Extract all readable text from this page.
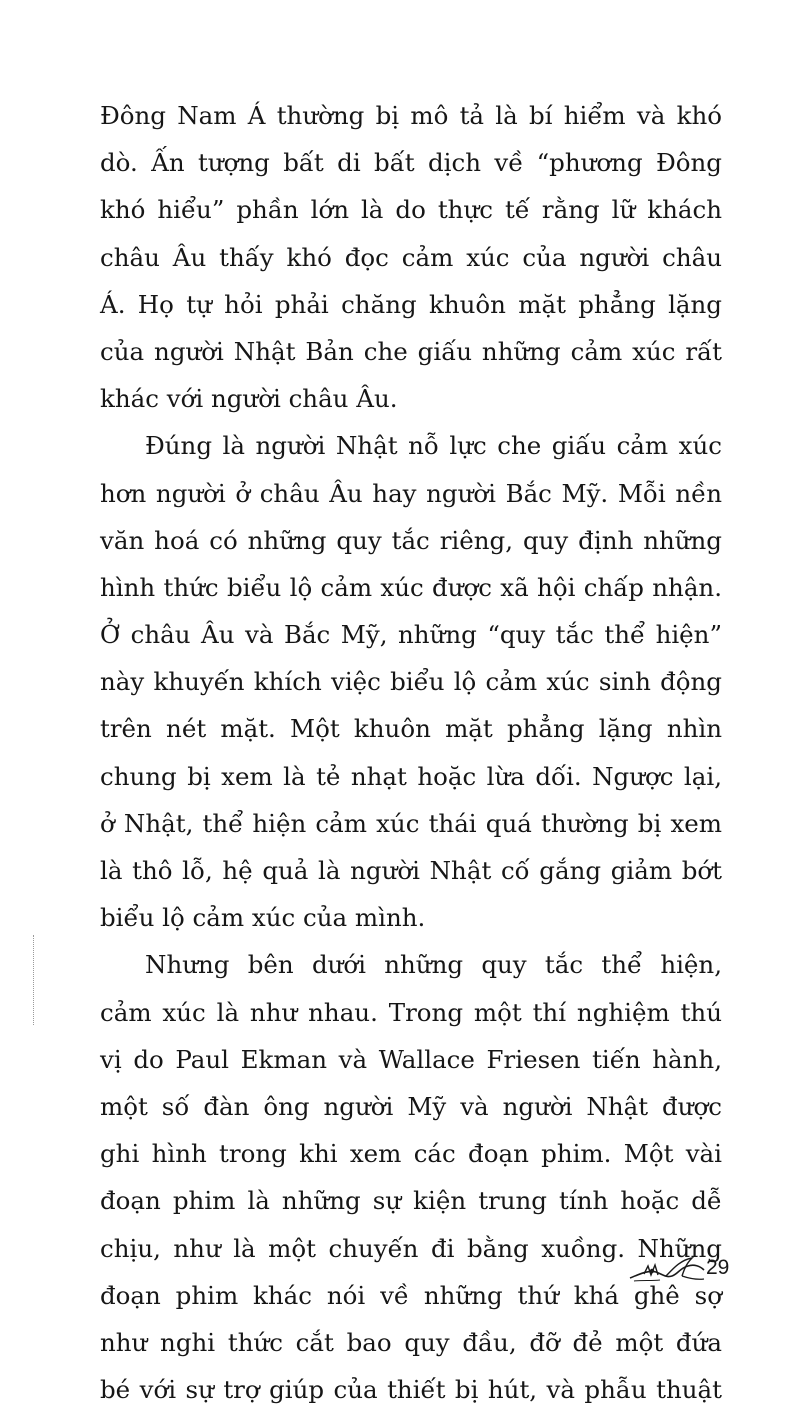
Đông Nam Á thường bị mô tả là bí hiểm và khó
dò. Ấn tượng bất di bất dịch về “phương Đông
khó hiểu” phần lớn là do thực tế rằng lữ khách
châu Âu thấy khó đọc cảm xúc của người châu
Á. Họ tự hỏi phải chăng khuôn mặt phẳng lặng
của người Nhật Bản che giấu những cảm xúc rất
khác với người châu Âu.
Đúng là người Nhật nỗ lực che giấu cảm xúc
hơn người ở châu Âu hay người Bắc Mỹ. Mỗi nền
văn hoá có những quy tắc riêng, quy định những
hình thức biểu lộ cảm xúc được xã hội chấp nhận.
Ở châu Âu và Bắc Mỹ, những “quy tắc thể hiện”
này khuyến khích việc biểu lộ cảm xúc sinh động
trên nét mặt. Một khuôn mặt phẳng lặng nhìn
chung bị xem là tẻ nhạt hoặc lừa dối. Ngược lại,
ở Nhật, thể hiện cảm xúc thái quá thường bị xem
là thô lỗ, hệ quả là người Nhật cố gắng giảm bớt
biểu lộ cảm xúc của mình.
Nhưng bên dưới những quy tắc thể hiện,
cảm xúc là như nhau. Trong một thí nghiệm thú
vị do Paul Ekman và Wallace Friesen tiến hành,
một số đàn ông người Mỹ và người Nhật được
ghi hình trong khi xem các đoạn phim. Một vài
đoạn phim là những sự kiện trung tính hoặc dễ
chịu, như là một chuyến đi bằng xuồng. Những
đoạn phim khác nói về những thứ khá ghê sợ
như nghi thức cắt bao quy đầu, đỡ đẻ một đứa
bé với sự trợ giúp của thiết bị hút, và phẫu thuật
29
